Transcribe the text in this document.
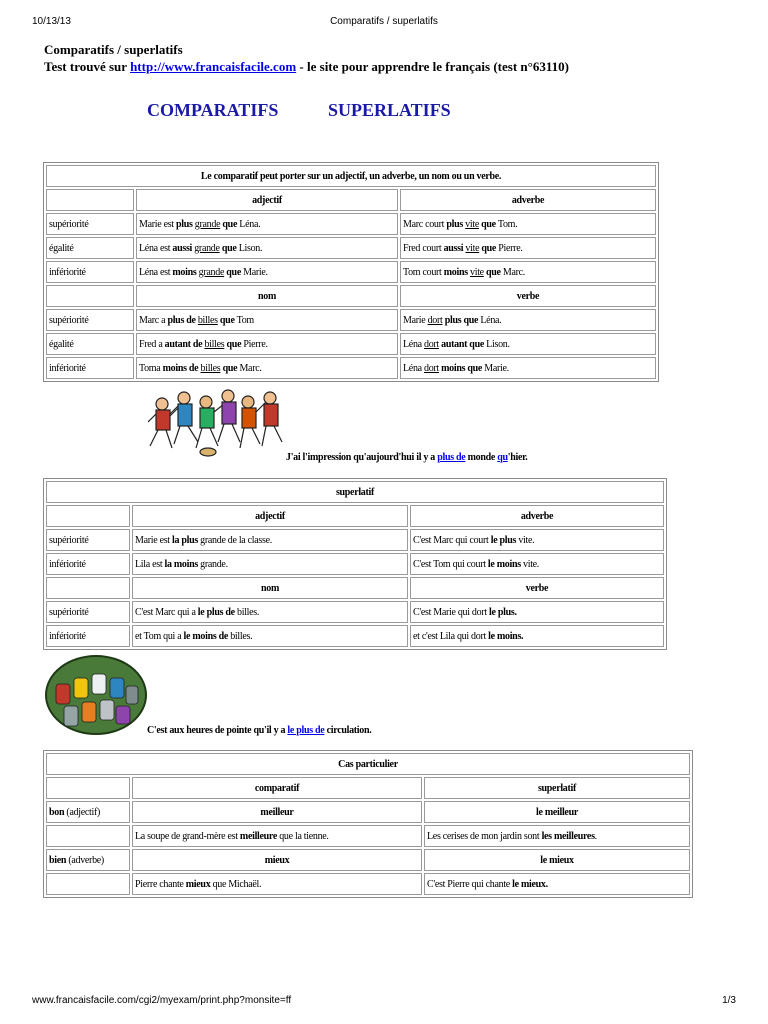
10/13/13	Comparatifs / superlatifs
Comparatifs / superlatifs
Test trouvé sur http://www.francaisfacile.com - le site pour apprendre le français (test n°63110)
COMPARATIFS	SUPERLATIFS
Le comparatif peut porter sur un adjectif, un adverbe, un nom ou un verbe.		
	adjectif	adverbe
supériorité	Marie est plus grande que Léna.	Marc court plus vite que Tom.
égalité	Léna est aussi grande que Lison.	Fred court aussi vite que Pierre.
infériorité	Léna est moins grande que Marie.	Tom court moins vite que Marc.
	nom	verbe
supériorité	Marc a plus de billes que Tom	Marie dort plus que Léna.
égalité	Fred a autant de billes que Pierre.	Léna dort autant que Lison.
infériorité	Toma moins de billes que Marc.	Léna dort moins que Marie.
J'ai l'impression qu'aujourd'hui il y a plus de monde qu'hier.
superlatif		
	adjectif	adverbe
supériorité	Marie est la plus grande de la classe.	C'est Marc qui court le plus vite.
infériorité	Lila est la moins grande.	C'est Tom qui court le moins vite.
	nom	verbe
supériorité	C'est Marc qui a le plus de billes.	C'est Marie qui dort le plus.
infériorité	et Tom qui a le moins de billes.	et c'est Lila qui dort le moins.
C'est aux heures de pointe qu'il y a le plus de circulation.
Cas particulier		
	comparatif	superlatif
bon (adjectif)	meilleur	le meilleur
	La soupe de grand-mère est meilleure que la tienne.	Les cerises de mon jardin sont les meilleures.
bien (adverbe)	mieux	le mieux
	Pierre chante mieux que Michaël.	C'est Pierre qui chante le mieux.
www.francaisfacile.com/cgi2/myexam/print.php?monsite=ff	1/3
